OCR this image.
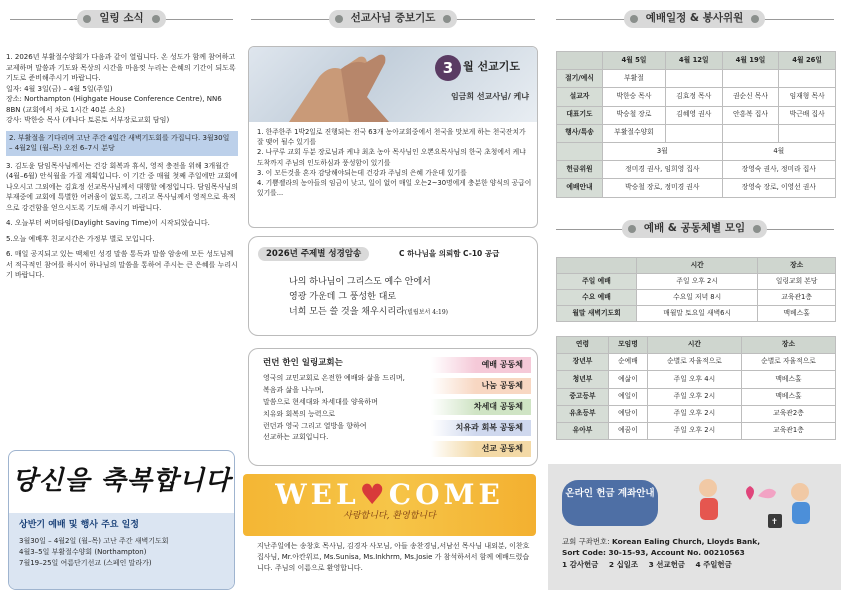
일링 소식

1. 2026년 부활절수양회가 다음과 같이 열립니다. 온 성도가 함께 참여하고 교제하며 말씀과 기도와 목상의 시간을 마음껏 누리는 은혜의 기간이 되도록 기도로 준비해주시기 바랍니다.
일자: 4월 3일(금) – 4월 5일(주일)
장소: Northampton (Highgate House Conference Centre), NN6 8BN (교회에서 차로 1시간 40분 소요)
강사: 박한승 목사 (캐나다 토론토 서부장로교회 담임)

2. 부활절을 기다리며 고난 주간 4일간 새벽기도회를 가집니다. 3월30일 – 4월2일 (월–목) 오전 6–7시 분당

3. 김도윤 담임목사님께서는 건강 회복과 휴식, 영적 충전을 위해 3개월간 (4월–6월) 안식월을 가질 계획입니다. 이 기간 중 매월 첫째 주일에만 교회에 나오시고 그외에는 김효정 선교목사님께서 대행할 예정입니다. 담임목사님의 부재중에 교회에 특별한 어려움이 없도록, 그리고 목사님께서 영적으로 육적으로 강건함을 얻으시도록 기도해 주시기 바랍니다.

4. 오늘부터 써머타임(Daylight Saving Time)이 시작되었습니다.

5.오늘 예배후 친교시간은 가정부 별로 모입니다.

6. 매일 공지되고 있는 맥체인 성경 말씀 통독과 말씀 암송에 모든 성도님께서 적극적인 참여를 하시어 하나님의 말씀을 통하여 주시는 큰 은혜를 누리시기 바랍니다.

당신을 축복합니다
상반기 예배 및 행사 주요 일정
3월30일 – 4월2일 (월–목) 고난 주간 새벽기도회
4월3–5일 부활절수양회 (Northampton)
7월19–25일 여름단기선교 (스페인 말라가)
선교사님 중보기도
3 월 선교기도
임금희 선교사님/ 케냐
1. 한주한주 1박2일로 진행되는 전국 63개 농아교회중에서 천국을 맛보게 하는 천국잔치가 잘 맺어 될수 있기를
2. 나쿠루 교회 두분 장로님과 케냐 최초 농아 목사님인 오뽄요목사님의 한국 초청에서 케냐 도착까지 주님의 인도하심과 풍성함이 있기를
3. 이 모든것을 혼자 감당해야되는데 건강과 주님의 은혜 가운데 있기를
4. 기쁨젤라의 농아들의 임금이 낮고, 일이 없어 매일 오는2~30명에게 충분한 양식의 공급이 있기를...
2026년 주제별 성경암송	C 하나님을 의뢰함 C-10 공급
나의 하나님이 그리스도 예수 안에서
영광 가운데 그 풍성한 대로
너희 모든 쓸 것을 채우시리라(빌립보서 4:19)
런던 한인 일링교회는
영국의 교민교회로 온전한 예배와 삶을 드리며,
복음과 삶을 나누며,
말씀으로 현세대와 차세대를 양육하며
치유와 회복의 능력으로
런던과 영국 그리고 열방을 향하여
선교하는 교회입니다.
예배 공동체
나눔 공동체
차세대 공동체
치유과 회복 공동체
선교 공동체
WEL♥COME
사랑합니다, 환영합니다
지난주일에는 송창호 목사님, 김경자 사모님, 아들 송찬경님,서남선 목사님 내외분, 이찬호 집사님, Mr.아칸위르, Ms.Sunisa, Ms.Inkhrm, Ms.Josie 가 참석하셔서 함께 예배드렸습니다. 주님의 이름으로 환영합니다.
예배일정 & 봉사위원
	4월 5일	4월 12일	4월 19일	4월 26일
절기/예식	부활절			
설교자	박한승 목사	김효정 목사	권순신 목사	임재형 목사
대표기도	박승철 장로	김혜영 권사	안흥복 집사	박근배 집사
행사/특송	부활절수양회			
	3월		4월	
헌금위원	정미경 권사, 임희영 집사		장영숙 권사, 정미라 집사	
예배안내	박승철 장로, 정미경 권사		장영숙 장로, 이영선 권사	
예배 & 공동체별 모임
	시간	장소
주일 예배	주일 오후 2시	일링교회 본당
수요 예배	수요일 저녁 8시	교육관1층
월말 새벽기도회	매월말 토요일 새벽6시	맥베스홀
연령	모임명	시간	장소
장년부	순예배	순별로 자율적으로	순별로 자율적으로
청년부	예삶이	주일 오후 4시	맥베스홀
중고등부	예일이	주일 오후 2시	맥베스홀
유초등부	예담이	주일 오후 2시	교육관2층
유아부	예꿈이	주일 오후 2시	교육관1층
온라인 헌금 계좌안내
✝
교회 구좌번호: Korean Ealing Church, Lloyds Bank,
Sort Code: 30-15-93, Account No. 00210563
1 감사헌금 2 십일조 3 선교헌금 4 주일헌금
